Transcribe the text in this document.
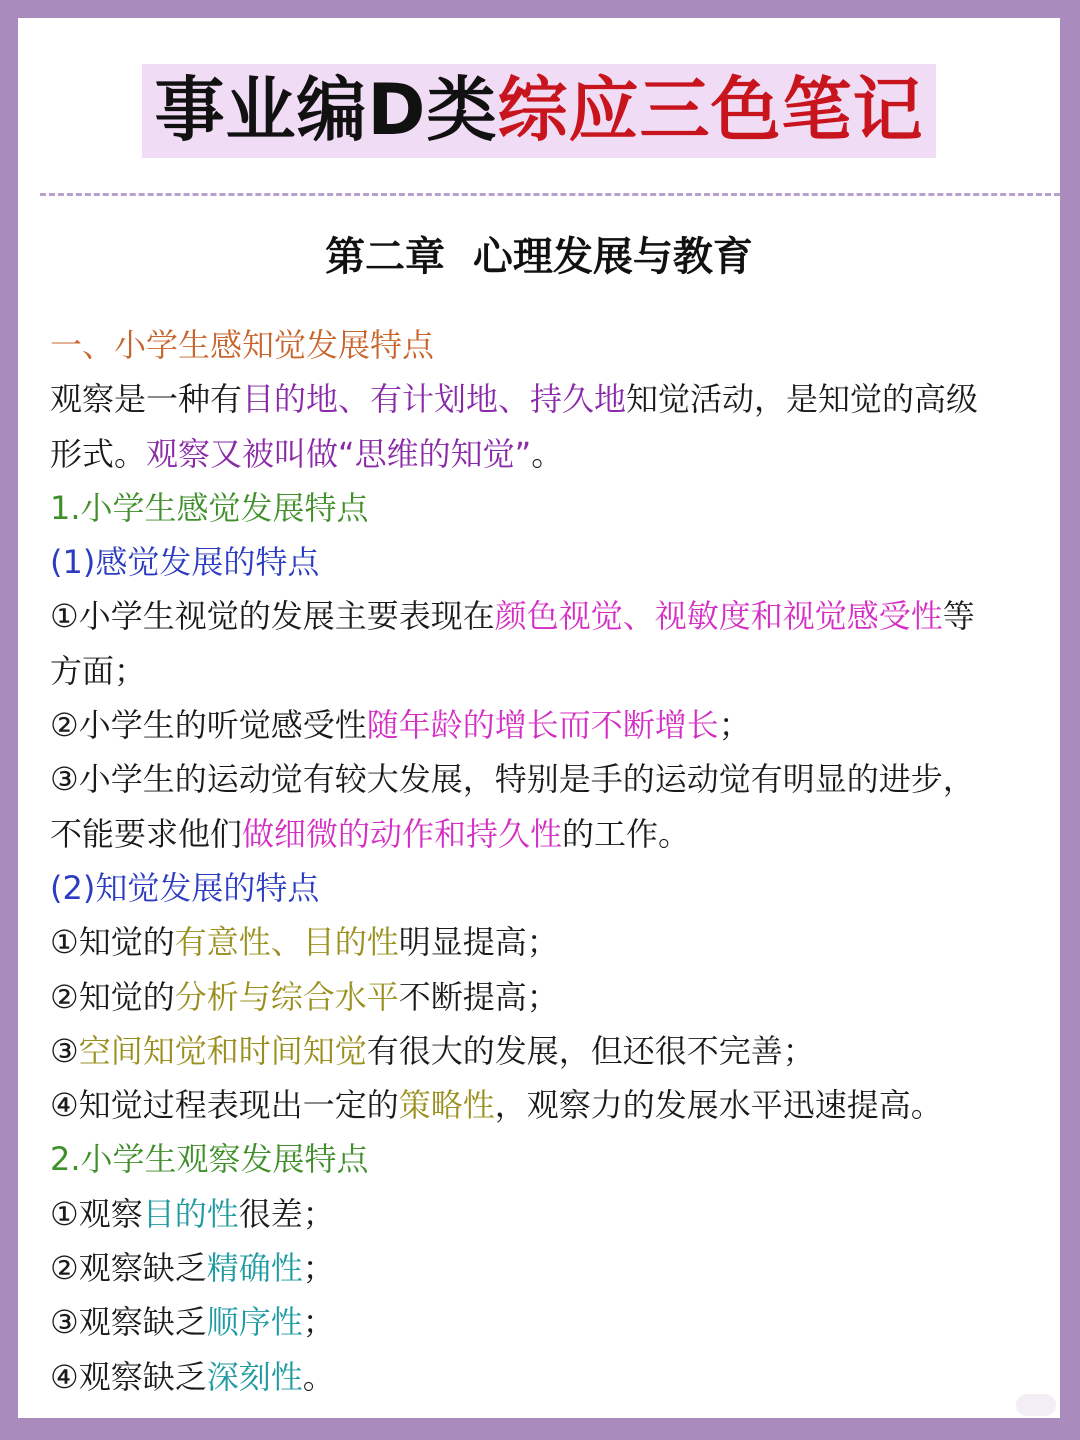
事业编D类综应三色笔记
第二章  心理发展与教育
一、小学生感知觉发展特点
观察是一种有目的地、有计划地、持久地知觉活动，是知觉的高级
形式。观察又被叫做“思维的知觉”。
1.小学生感觉发展特点
(1)感觉发展的特点
①小学生视觉的发展主要表现在颜色视觉、视敏度和视觉感受性等
方面；
②小学生的听觉感受性随年龄的增长而不断增长；
③小学生的运动觉有较大发展，特别是手的运动觉有明显的进步，
不能要求他们做细微的动作和持久性的工作。
(2)知觉发展的特点
①知觉的有意性、目的性明显提高；
②知觉的分析与综合水平不断提高；
③空间知觉和时间知觉有很大的发展，但还很不完善；
④知觉过程表现出一定的策略性，观察力的发展水平迅速提高。
2.小学生观察发展特点
①观察目的性很差；
②观察缺乏精确性；
③观察缺乏顺序性；
④观察缺乏深刻性。
